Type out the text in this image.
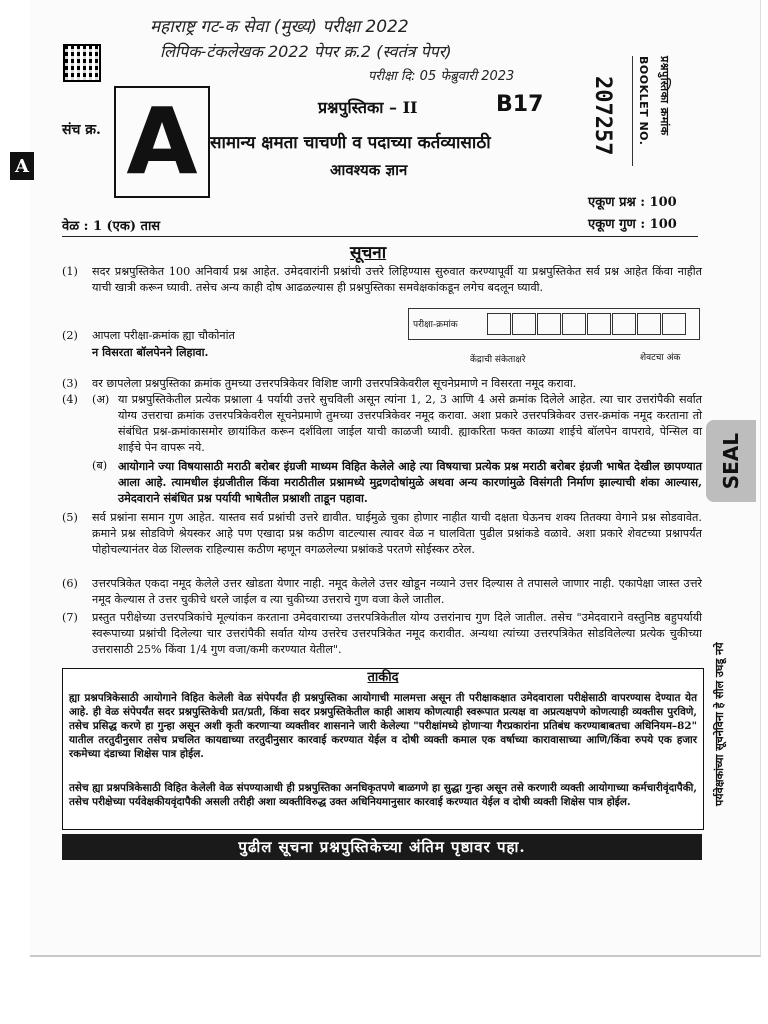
महाराष्ट्र गट-क सेवा (मुख्य) परीक्षा 2022
लिपिक-टंकलेखक 2022 पेपर क्र.2 (स्वतंत्र पेपर)
परीक्षा दि: 05 फेब्रुवारी 2023
A
संच क्र. A	प्रश्नपुस्तिका – II	B17
सामान्य क्षमता चाचणी व पदाच्या कर्तव्यासाठी
आवश्यक ज्ञान
207257	प्रश्नपुस्तिका क्रमांक
BOOKLET NO.
एकूण प्रश्न : 100
वेळ : 1 (एक) तास	एकूण गुण : 100
सूचना
(1)	सदर प्रश्नपुस्तिकेत 100 अनिवार्य प्रश्न आहेत. उमेदवारांनी प्रश्नांची उत्तरे लिहिण्यास सुरुवात करण्यापूर्वी या प्रश्नपुस्तिकेत सर्व प्रश्न आहेत किंवा नाहीत याची खात्री करून घ्यावी. तसेच अन्य काही दोष आढळल्यास ही प्रश्नपुस्तिका समवेक्षकांकडून लगेच बदलून घ्यावी.
(2)	आपला परीक्षा-क्रमांक ह्या चौकोनांत
न विसरता बॉलपेनने लिहावा.
(3)	वर छापलेला प्रश्नपुस्तिका क्रमांक तुमच्या उत्तरपत्रिकेवर विशिष्ट जागी उत्तरपत्रिकेवरील सूचनेप्रमाणे न विसरता नमूद करावा.
(4)	(अ) या प्रश्नपुस्तिकेतील प्रत्येक प्रश्नाला 4 पर्यायी उत्तरे सुचविली असून त्यांना 1, 2, 3 आणि 4 असे क्रमांक दिलेले आहेत. त्या चार उत्तरांपैकी सर्वात योग्य उत्तराचा क्रमांक उत्तरपत्रिकेवरील सूचनेप्रमाणे तुमच्या उत्तरपत्रिकेवर नमूद करावा. अशा प्रकारे उत्तरपत्रिकेवर उत्तर-क्रमांक नमूद करताना तो संबंधित प्रश्न-क्रमांकासमोर छायांकित करून दर्शविला जाईल याची काळजी घ्यावी. ह्याकरिता फक्त काळ्या शाईचे बॉलपेन वापरावे, पेन्सिल वा शाईचे पेन वापरू नये.
(ब) आयोगाने ज्या विषयासाठी मराठी बरोबर इंग्रजी माध्यम विहित केलेले आहे त्या विषयाचा प्रत्येक प्रश्न मराठी बरोबर इंग्रजी भाषेत देखील छापण्यात आला आहे. त्यामधील इंग्रजीतील किंवा मराठीतील प्रश्नामध्ये मुद्रणदोषांमुळे अथवा अन्य कारणांमुळे विसंगती निर्माण झाल्याची शंका आल्यास, उमेदवाराने संबंधित प्रश्न पर्यायी भाषेतील प्रश्नाशी ताडून पहावा.
(5)	सर्व प्रश्नांना समान गुण आहेत. यास्तव सर्व प्रश्नांची उत्तरे द्यावीत. घाईमुळे चुका होणार नाहीत याची दक्षता घेऊनच शक्य तितक्या वेगाने प्रश्न सोडवावेत. क्रमाने प्रश्न सोडविणे श्रेयस्कर आहे पण एखादा प्रश्न कठीण वाटल्यास त्यावर वेळ न घालविता पुढील प्रश्नांकडे वळावे. अशा प्रकारे शेवटच्या प्रश्नापर्यंत पोहोचल्यानंतर वेळ शिल्लक राहिल्यास कठीण म्हणून वगळलेल्या प्रश्नांकडे परतणे सोईस्कर ठरेल.
(6)	उत्तरपत्रिकेत एकदा नमूद केलेले उत्तर खोडता येणार नाही. नमूद केलेले उत्तर खोडून नव्याने उत्तर दिल्यास ते तपासले जाणार नाही. एकापेक्षा जास्त उत्तरे नमूद केल्यास ते उत्तर चुकीचे धरले जाईल व त्या चुकीच्या उत्तराचे गुण वजा केले जातील.
(7)	प्रस्तुत परीक्षेच्या उत्तरपत्रिकांचे मूल्यांकन करताना उमेदवाराच्या उत्तरपत्रिकेतील योग्य उत्तरांनाच गुण दिले जातील. तसेच "उमेदवाराने वस्तुनिष्ठ बहुपर्यायी स्वरूपाच्या प्रश्नांची दिलेल्या चार उत्तरांपैकी सर्वात योग्य उत्तरेच उत्तरपत्रिकेत नमूद करावीत. अन्यथा त्यांच्या उत्तरपत्रिकेत सोडविलेल्या प्रत्येक चुकीच्या उत्तरासाठी 25% किंवा 1/4 गुण वजा/कमी करण्यात येतील".
परीक्षा-क्रमांक
केंद्राची संकेताक्षरे	शेवटचा अंक
SEAL
पर्यवेक्षकांच्या सूचनेविना हे सील उघडू नये
ताकीद

ह्या प्रश्नपत्रिकेसाठी आयोगाने विहित केलेली वेळ संपेपर्यंत ही प्रश्नपुस्तिका आयोगाची मालमत्ता असून ती परीक्षाकक्षात उमेदवाराला परीक्षेसाठी वापरण्यास देण्यात येत आहे. ही वेळ संपेपर्यंत सदर प्रश्नपुस्तिकेची प्रत/प्रती, किंवा सदर प्रश्नपुस्तिकेतील काही आशय कोणत्याही स्वरूपात प्रत्यक्ष वा अप्रत्यक्षपणे कोणत्याही व्यक्तीस पुरविणे, तसेच प्रसिद्ध करणे हा गुन्हा असून अशी कृती करणाऱ्या व्यक्तीवर शासनाने जारी केलेल्या "परीक्षांमध्ये होणाऱ्या गैरप्रकारांना प्रतिबंध करण्याबाबतचा अधिनियम–82" यातील तरतुदीनुसार तसेच प्रचलित कायद्याच्या तरतुदीनुसार कारवाई करण्यात येईल व दोषी व्यक्ती कमाल एक वर्षाच्या कारावासाच्या आणि/किंवा रुपये एक हजार रकमेच्या दंडाच्या शिक्षेस पात्र होईल.

तसेच ह्या प्रश्नपत्रिकेसाठी विहित केलेली वेळ संपण्याआधी ही प्रश्नपुस्तिका अनधिकृतपणे बाळगणे हा सुद्धा गुन्हा असून तसे करणारी व्यक्ती आयोगाच्या कर्मचारीवृंदापैकी, तसेच परीक्षेच्या पर्यवेक्षकीयवृंदापैकी असली तरीही अशा व्यक्तीविरुद्ध उक्त अधिनियमानुसार कारवाई करण्यात येईल व दोषी व्यक्ती शिक्षेस पात्र होईल.

पुढील सूचना प्रश्नपुस्तिकेच्या अंतिम पृष्ठावर पहा.
